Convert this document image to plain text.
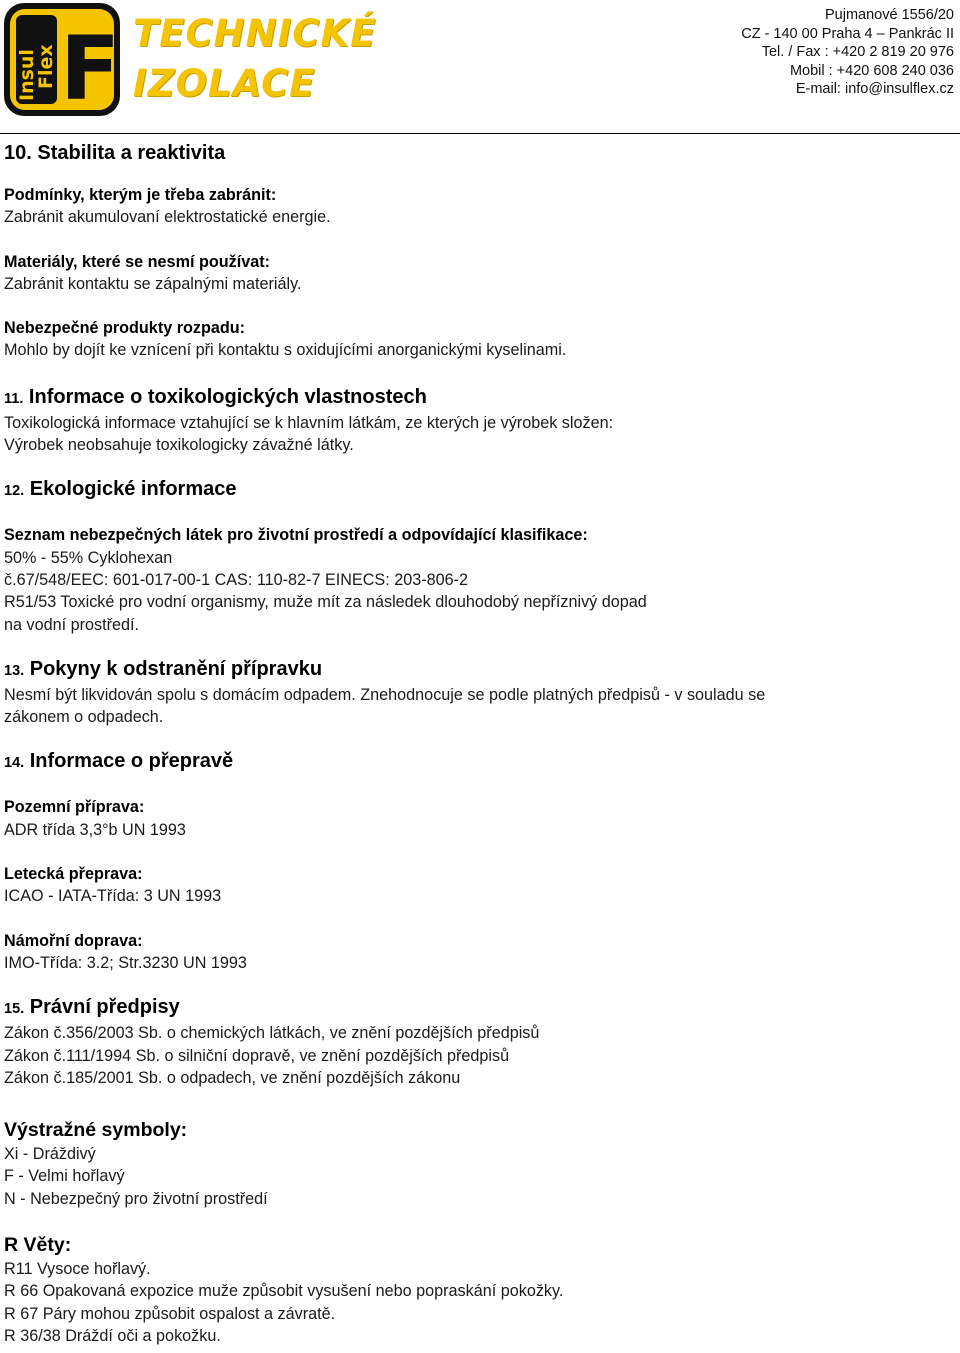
Insul
Flex F TECHNICKÉ
IZOLACE
Pujmanové 1556/20
CZ - 140 00 Praha 4 – Pankrác II
Tel. / Fax : +420 2 819 20 976
Mobil : +420 608 240 036
E-mail: info@insulflex.cz
10. Stabilita a reaktivita
Podmínky, kterým je třeba zabránit:
Zabránit akumulovaní elektrostatické energie.
Materiály, které se nesmí používat:
Zabránit kontaktu se zápalnými materiály.
Nebezpečné produkty rozpadu:
Mohlo by dojít ke vznícení při kontaktu s oxidujícími anorganickými kyselinami.
11. Informace o toxikologických vlastnostech
Toxikologická informace vztahující se k hlavním látkám, ze kterých je výrobek složen:
Výrobek neobsahuje toxikologicky závažné látky.
12. Ekologické informace
Seznam nebezpečných látek pro životní prostředí a odpovídající klasifikace:
50% - 55% Cyklohexan
č.67/548/EEC: 601-017-00-1 CAS: 110-82-7 EINECS: 203-806-2
R51/53 Toxické pro vodní organismy, muže mít za následek dlouhodobý nepříznivý dopad
na vodní prostředí.
13. Pokyny k odstranění přípravku
Nesmí být likvidován spolu s domácím odpadem. Znehodnocuje se podle platných předpisů - v souladu se
zákonem o odpadech.
14. Informace o přepravě
Pozemní příprava:
ADR třída 3,3°b UN 1993
Letecká přeprava:
ICAO - IATA-Třída: 3 UN 1993
Námořní doprava:
IMO-Třída: 3.2; Str.3230 UN 1993
15. Právní předpisy
Zákon č.356/2003 Sb. o chemických látkách, ve znění pozdějších předpisů
Zákon č.111/1994 Sb. o silniční dopravě, ve znění pozdějších předpisů
Zákon č.185/2001 Sb. o odpadech, ve znění pozdějších zákonu
Výstražné symboly:
Xi - Dráždivý
F - Velmi hořlavý
N - Nebezpečný pro životní prostředí
R Věty:
R11 Vysoce hořlavý.
R 66 Opakovaná expozice muže způsobit vysušení nebo popraskání pokožky.
R 67 Páry mohou způsobit ospalost a závratě.
R 36/38 Dráždí oči a pokožku.
